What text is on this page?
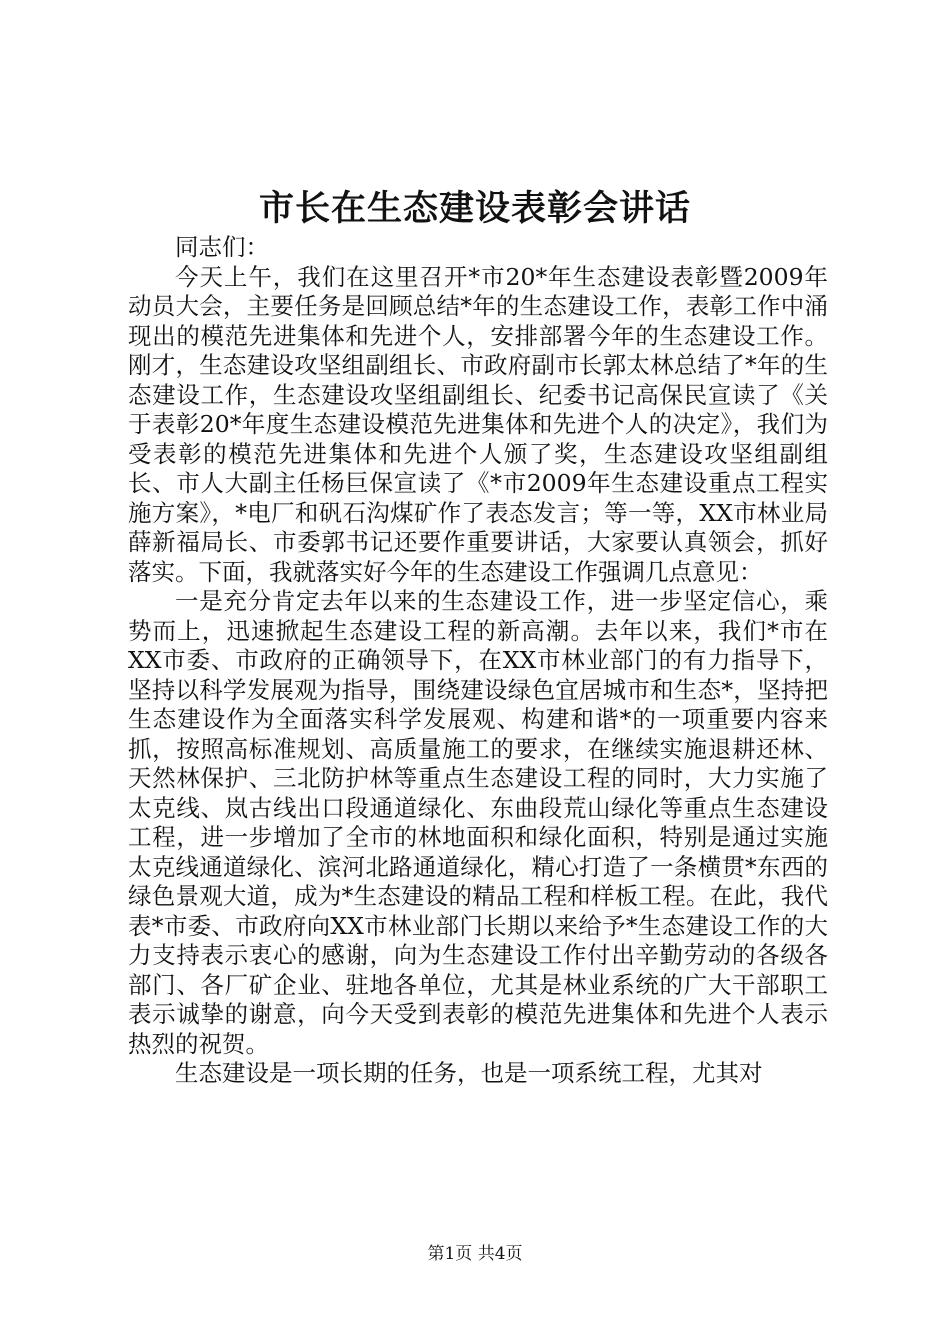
市长在生态建设表彰会讲话

同志们：

今天上午，我们在这里召开*市20*年生态建设表彰暨2009年动员大会，主要任务是回顾总结*年的生态建设工作，表彰工作中涌现出的模范先进集体和先进个人，安排部署今年的生态建设工作。刚才，生态建设攻坚组副组长、市政府副市长郭太林总结了*年的生态建设工作，生态建设攻坚组副组长、纪委书记高保民宣读了《关于表彰20*年度生态建设模范先进集体和先进个人的决定》，我们为受表彰的模范先进集体和先进个人颁了奖，生态建设攻坚组副组长、市人大副主任杨巨保宣读了《*市2009年生态建设重点工程实施方案》，*电厂和矾石沟煤矿作了表态发言；等一等，XX市林业局薛新福局长、市委郭书记还要作重要讲话，大家要认真领会，抓好落实。下面，我就落实好今年的生态建设工作强调几点意见：

一是充分肯定去年以来的生态建设工作，进一步坚定信心，乘势而上，迅速掀起生态建设工程的新高潮。去年以来，我们*市在XX市委、市政府的正确领导下，在XX市林业部门的有力指导下，坚持以科学发展观为指导，围绕建设绿色宜居城市和生态*，坚持把生态建设作为全面落实科学发展观、构建和谐*的一项重要内容来抓，按照高标准规划、高质量施工的要求，在继续实施退耕还林、天然林保护、三北防护林等重点生态建设工程的同时，大力实施了太克线、岚古线出口段通道绿化、东曲段荒山绿化等重点生态建设工程，进一步增加了全市的林地面积和绿化面积，特别是通过实施太克线通道绿化、滨河北路通道绿化，精心打造了一条横贯*东西的绿色景观大道，成为*生态建设的精品工程和样板工程。在此，我代表*市委、市政府向XX市林业部门长期以来给予*生态建设工作的大力支持表示衷心的感谢，向为生态建设工作付出辛勤劳动的各级各部门、各厂矿企业、驻地各单位，尤其是林业系统的广大干部职工表示诚挚的谢意，向今天受到表彰的模范先进集体和先进个人表示热烈的祝贺。

生态建设是一项长期的任务，也是一项系统工程，尤其对

第1页 共4页
